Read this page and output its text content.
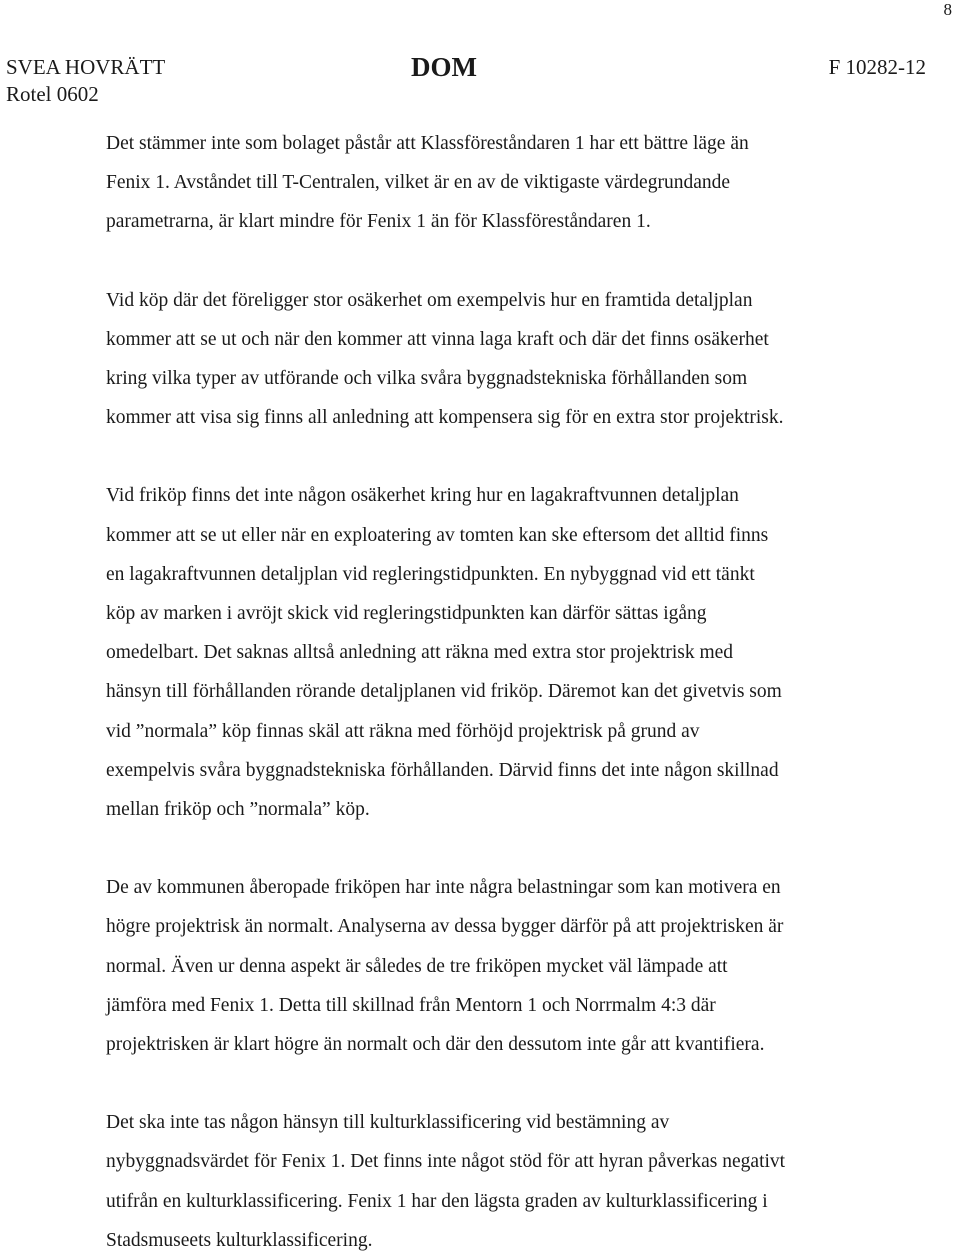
8
SVEA HOVRÄTT
Rotel 0602
DOM	F 10282-12

Det stämmer inte som bolaget påstår att Klassföreståndaren 1 har ett bättre läge än
Fenix 1. Avståndet till T-Centralen, vilket är en av de viktigaste värdegrundande
parametrarna, är klart mindre för Fenix 1 än för Klassföreståndaren 1.

Vid köp där det föreligger stor osäkerhet om exempelvis hur en framtida detaljplan
kommer att se ut och när den kommer att vinna laga kraft och där det finns osäkerhet
kring vilka typer av utförande och vilka svåra byggnadstekniska förhållanden som
kommer att visa sig finns all anledning att kompensera sig för en extra stor projektrisk.

Vid friköp finns det inte någon osäkerhet kring hur en lagakraftvunnen detaljplan
kommer att se ut eller när en exploatering av tomten kan ske eftersom det alltid finns
en lagakraftvunnen detaljplan vid regleringstidpunkten. En nybyggnad vid ett tänkt
köp av marken i avröjt skick vid regleringstidpunkten kan därför sättas igång
omedelbart. Det saknas alltså anledning att räkna med extra stor projektrisk med
hänsyn till förhållanden rörande detaljplanen vid friköp. Däremot kan det givetvis som
vid ”normala” köp finnas skäl att räkna med förhöjd projektrisk på grund av
exempelvis svåra byggnadstekniska förhållanden. Därvid finns det inte någon skillnad
mellan friköp och ”normala” köp.

De av kommunen åberopade friköpen har inte några belastningar som kan motivera en
högre projektrisk än normalt. Analyserna av dessa bygger därför på att projektrisken är
normal. Även ur denna aspekt är således de tre friköpen mycket väl lämpade att
jämföra med Fenix 1. Detta till skillnad från Mentorn 1 och Norrmalm 4:3 där
projektrisken är klart högre än normalt och där den dessutom inte går att kvantifiera.

Det ska inte tas någon hänsyn till kulturklassificering vid bestämning av
nybyggnadsvärdet för Fenix 1. Det finns inte något stöd för att hyran påverkas negativt
utifrån en kulturklassificering. Fenix 1 har den lägsta graden av kulturklassificering i
Stadsmuseets kulturklassificering.
